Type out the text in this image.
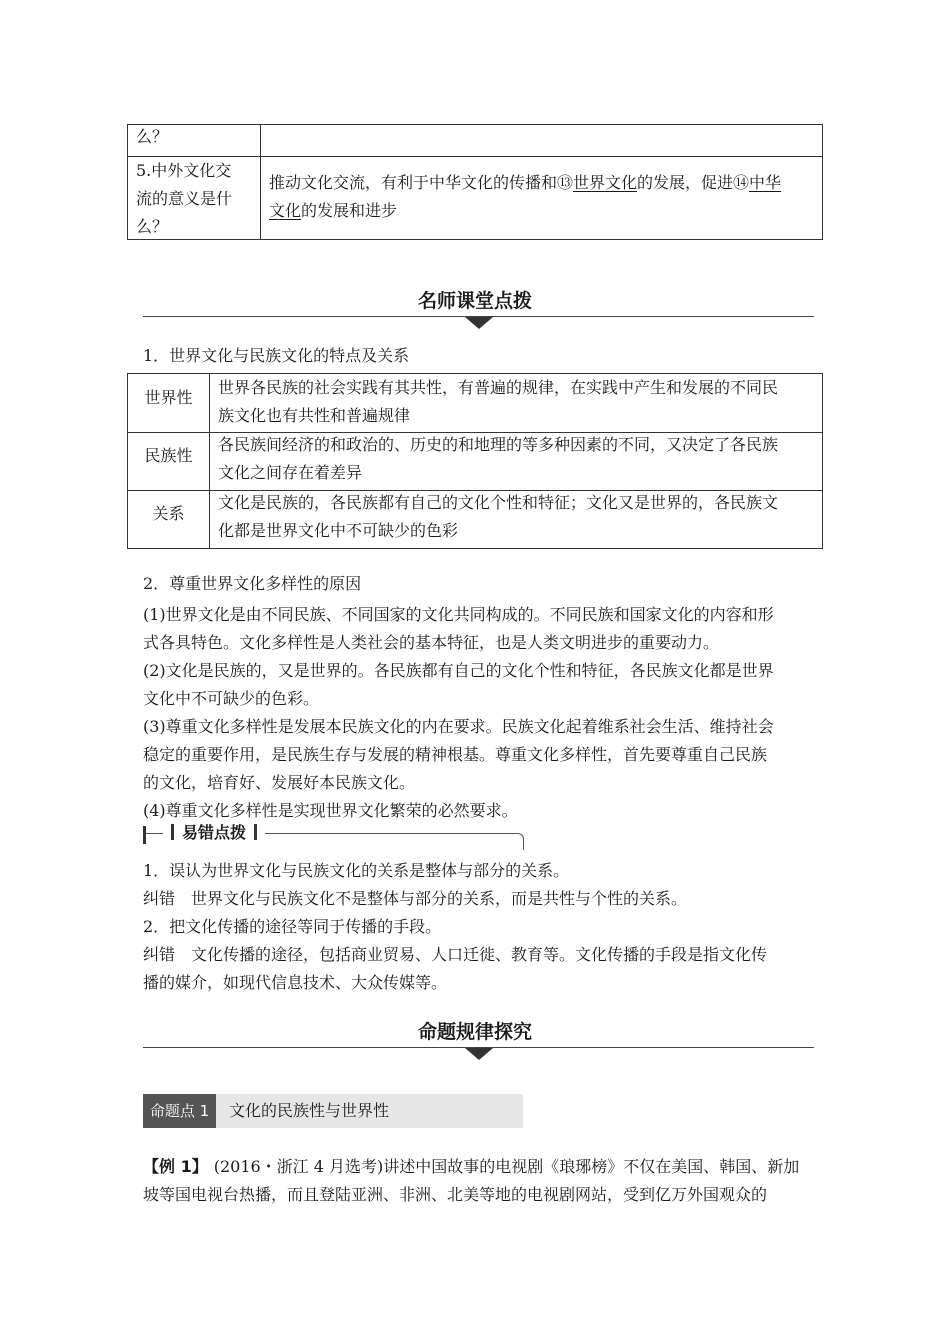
么？
5.中外文化交
流的意义是什
么？
推动文化交流，有利于中华文化的传播和⑬世界文化的发展，促进⑭中华
文化的发展和进步
名师课堂点拨
1．世界文化与民族文化的特点及关系
世界性
世界各民族的社会实践有其共性，有普遍的规律，在实践中产生和发展的不同民
族文化也有共性和普遍规律
民族性
各民族间经济的和政治的、历史的和地理的等多种因素的不同，又决定了各民族
文化之间存在着差异
关系
文化是民族的，各民族都有自己的文化个性和特征；文化又是世界的，各民族文
化都是世界文化中不可缺少的色彩
2．尊重世界文化多样性的原因
(1)世界文化是由不同民族、不同国家的文化共同构成的。不同民族和国家文化的内容和形
式各具特色。文化多样性是人类社会的基本特征，也是人类文明进步的重要动力。
(2)文化是民族的，又是世界的。各民族都有自己的文化个性和特征，各民族文化都是世界
文化中不可缺少的色彩。
(3)尊重文化多样性是发展本民族文化的内在要求。民族文化起着维系社会生活、维持社会
稳定的重要作用，是民族生存与发展的精神根基。尊重文化多样性，首先要尊重自己民族
的文化，培育好、发展好本民族文化。
(4)尊重文化多样性是实现世界文化繁荣的必然要求。
易错点拨
1．误认为世界文化与民族文化的关系是整体与部分的关系。
纠错　世界文化与民族文化不是整体与部分的关系，而是共性与个性的关系。
2．把文化传播的途径等同于传播的手段。
纠错　文化传播的途径，包括商业贸易、人口迁徙、教育等。文化传播的手段是指文化传
播的媒介，如现代信息技术、大众传媒等。
命题规律探究
命题点 1	文化的民族性与世界性
【例 1】 (2016・浙江 4 月选考)讲述中国故事的电视剧《琅琊榜》不仅在美国、韩国、新加
坡等国电视台热播，而且登陆亚洲、非洲、北美等地的电视剧网站，受到亿万外国观众的
